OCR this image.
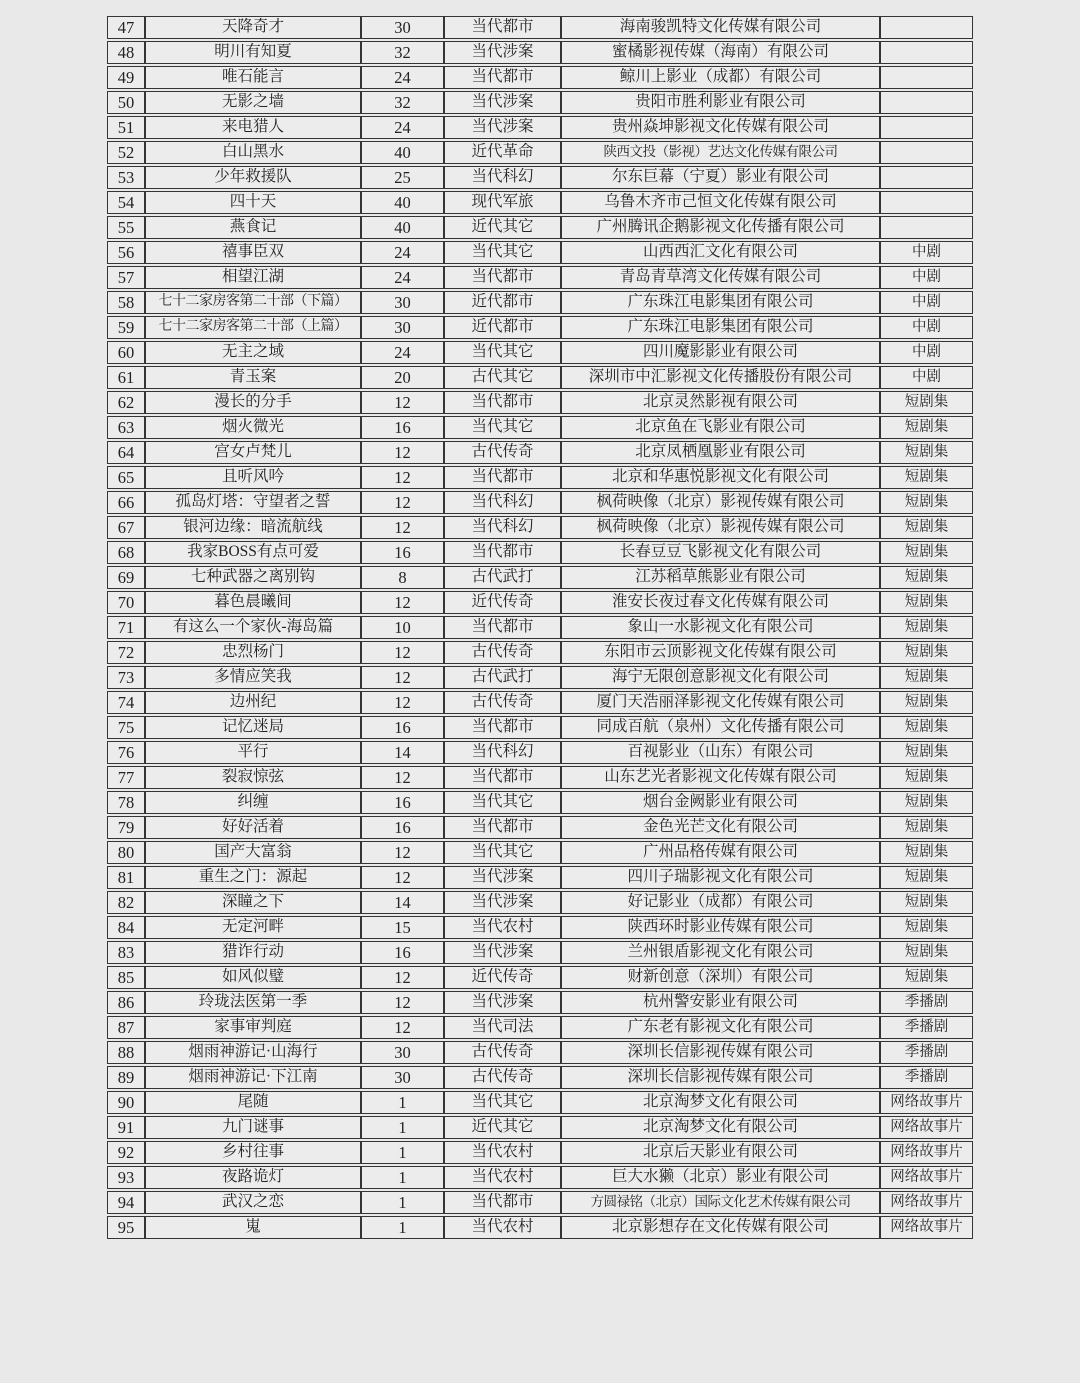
47	天降奇才	30	当代都市	海南骏凯特文化传媒有限公司	
48	明川有知夏	32	当代涉案	蜜橘影视传媒（海南）有限公司	
49	唯石能言	24	当代都市	鲸川上影业（成都）有限公司	
50	无影之墙	32	当代涉案	贵阳市胜利影业有限公司	
51	来电猎人	24	当代涉案	贵州焱坤影视文化传媒有限公司	
52	白山黑水	40	近代革命	陕西文投（影视）艺达文化传媒有限公司	
53	少年救援队	25	当代科幻	尔东巨幕（宁夏）影业有限公司	
54	四十天	40	现代军旅	乌鲁木齐市己恒文化传媒有限公司	
55	燕食记	40	近代其它	广州腾讯企鹅影视文化传播有限公司	
56	禧事臣双	24	当代其它	山西西汇文化有限公司	中剧
57	相望江湖	24	当代都市	青岛青草湾文化传媒有限公司	中剧
58	七十二家房客第二十部（下篇）	30	近代都市	广东珠江电影集团有限公司	中剧
59	七十二家房客第二十部（上篇）	30	近代都市	广东珠江电影集团有限公司	中剧
60	无主之域	24	当代其它	四川魔影影业有限公司	中剧
61	青玉案	20	古代其它	深圳市中汇影视文化传播股份有限公司	中剧
62	漫长的分手	12	当代都市	北京灵然影视有限公司	短剧集
63	烟火微光	16	当代其它	北京鱼在飞影业有限公司	短剧集
64	宫女卢梵儿	12	古代传奇	北京凤栖凰影业有限公司	短剧集
65	且听风吟	12	当代都市	北京和华惠悦影视文化有限公司	短剧集
66	孤岛灯塔：守望者之誓	12	当代科幻	枫荷映像（北京）影视传媒有限公司	短剧集
67	银河边缘：暗流航线	12	当代科幻	枫荷映像（北京）影视传媒有限公司	短剧集
68	我家BOSS有点可爱	16	当代都市	长春豆豆飞影视文化有限公司	短剧集
69	七种武器之离别钩	8	古代武打	江苏稻草熊影业有限公司	短剧集
70	暮色晨曦间	12	近代传奇	淮安长夜过春文化传媒有限公司	短剧集
71	有这么一个家伙-海岛篇	10	当代都市	象山一水影视文化有限公司	短剧集
72	忠烈杨门	12	古代传奇	东阳市云顶影视文化传媒有限公司	短剧集
73	多情应笑我	12	古代武打	海宁无限创意影视文化有限公司	短剧集
74	边州纪	12	古代传奇	厦门天浩丽泽影视文化传媒有限公司	短剧集
75	记忆迷局	16	当代都市	同成百航（泉州）文化传播有限公司	短剧集
76	平行	14	当代科幻	百视影业（山东）有限公司	短剧集
77	裂寂惊弦	12	当代都市	山东艺光者影视文化传媒有限公司	短剧集
78	纠缠	16	当代其它	烟台金阙影业有限公司	短剧集
79	好好活着	16	当代都市	金色光芒文化有限公司	短剧集
80	国产大富翁	12	当代其它	广州品格传媒有限公司	短剧集
81	重生之门：源起	12	当代涉案	四川子瑞影视文化有限公司	短剧集
82	深瞳之下	14	当代涉案	好记影业（成都）有限公司	短剧集
84	无定河畔	15	当代农村	陕西环时影业传媒有限公司	短剧集
83	猎诈行动	16	当代涉案	兰州银盾影视文化有限公司	短剧集
85	如风似璧	12	近代传奇	财新创意（深圳）有限公司	短剧集
86	玲珑法医第一季	12	当代涉案	杭州警安影业有限公司	季播剧
87	家事审判庭	12	当代司法	广东老有影视文化有限公司	季播剧
88	烟雨神游记·山海行	30	古代传奇	深圳长信影视传媒有限公司	季播剧
89	烟雨神游记·下江南	30	古代传奇	深圳长信影视传媒有限公司	季播剧
90	尾随	1	当代其它	北京淘梦文化有限公司	网络故事片
91	九门谜事	1	近代其它	北京淘梦文化有限公司	网络故事片
92	乡村往事	1	当代农村	北京后天影业有限公司	网络故事片
93	夜路诡灯	1	当代农村	巨大水獭（北京）影业有限公司	网络故事片
94	武汉之恋	1	当代都市	方圆禄铭（北京）国际文化艺术传媒有限公司	网络故事片
95	嵬	1	当代农村	北京影想存在文化传媒有限公司	网络故事片
